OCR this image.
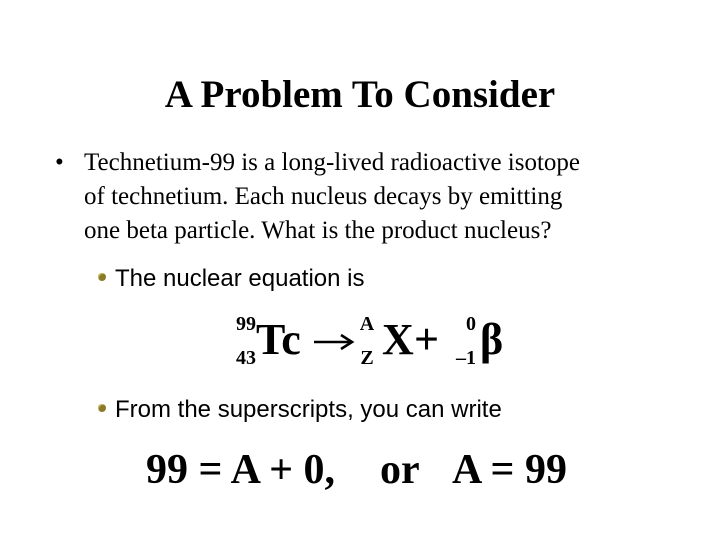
A Problem To Consider
• Technetium-99 is a long-lived radioactive isotope
of technetium. Each nucleus decays by emitting
one beta particle. What is the product nucleus?
The nuclear equation is
99
43 Tc →
A
Z X +	0
–1 β
From the superscripts, you can write
99 = A + 0, or A = 99
